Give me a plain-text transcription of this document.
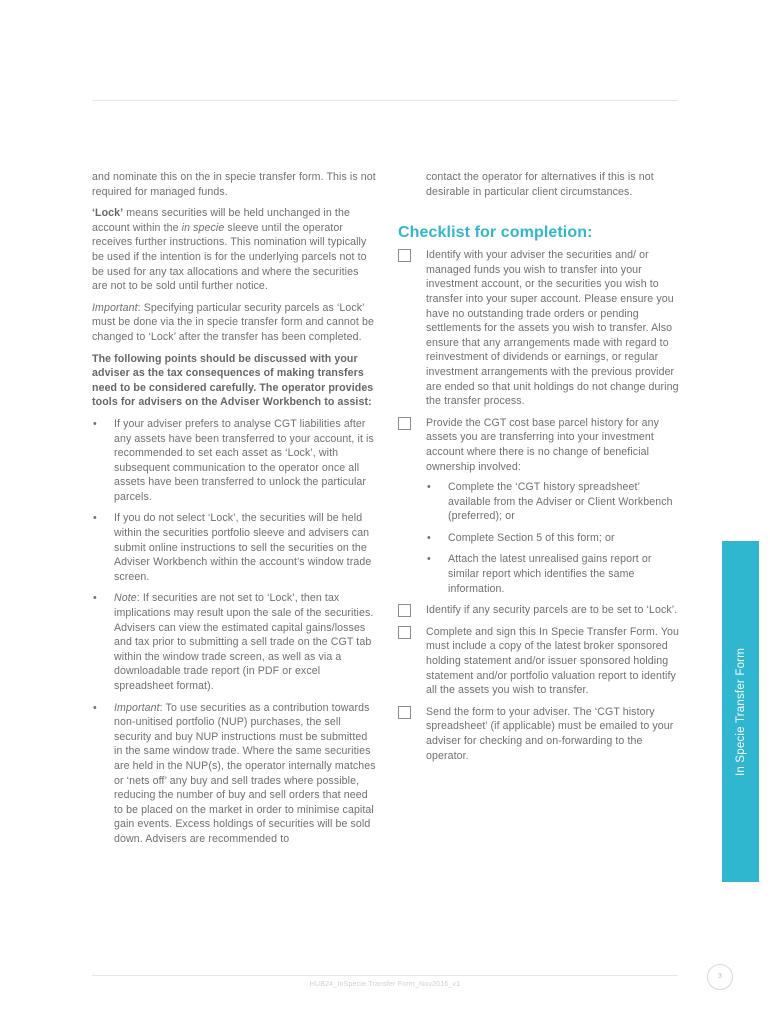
and nominate this on the in specie transfer form. This is not required for managed funds.

‘Lock’ means securities will be held unchanged in the account within the in specie sleeve until the operator receives further instructions. This nomination will typically be used if the intention is for the underlying parcels not to be used for any tax allocations and where the securities are not to be sold until further notice.

Important: Specifying particular security parcels as ‘Lock’ must be done via the in specie transfer form and cannot be changed to ‘Lock’ after the transfer has been completed.

The following points should be discussed with your adviser as the tax consequences of making transfers need to be considered carefully. The operator provides tools for advisers on the Adviser Workbench to assist:

• If your adviser prefers to analyse CGT liabilities after any assets have been transferred to your account, it is recommended to set each asset as ‘Lock’, with subsequent communication to the operator once all assets have been transferred to unlock the particular parcels.
• If you do not select ‘Lock’, the securities will be held within the securities portfolio sleeve and advisers can submit online instructions to sell the securities on the Adviser Workbench within the account’s window trade screen.
• Note: If securities are not set to ‘Lock’, then tax implications may result upon the sale of the securities. Advisers can view the estimated capital gains/losses and tax prior to submitting a sell trade on the CGT tab within the window trade screen, as well as via a downloadable trade report (in PDF or excel spreadsheet format).
• Important: To use securities as a contribution towards non-unitised portfolio (NUP) purchases, the sell security and buy NUP instructions must be submitted in the same window trade. Where the same securities are held in the NUP(s), the operator internally matches or ‘nets off’ any buy and sell trades where possible, reducing the number of buy and sell orders that need to be placed on the market in order to minimise capital gain events. Excess holdings of securities will be sold down. Advisers are recommended to

contact the operator for alternatives if this is not desirable in particular client circumstances.

Checklist for completion:
Identify with your adviser the securities and/ or managed funds you wish to transfer into your investment account, or the securities you wish to transfer into your super account. Please ensure you have no outstanding trade orders or pending settlements for the assets you wish to transfer. Also ensure that any arrangements made with regard to reinvestment of dividends or earnings, or regular investment arrangements with the previous provider are ended so that unit holdings do not change during the transfer process.
Provide the CGT cost base parcel history for any assets you are transferring into your investment account where there is no change of beneficial ownership involved:
• Complete the ‘CGT history spreadsheet’ available from the Adviser or Client Workbench (preferred); or
• Complete Section 5 of this form; or
• Attach the latest unrealised gains report or similar report which identifies the same information.
Identify if any security parcels are to be set to ‘Lock’.
Complete and sign this In Specie Transfer Form. You must include a copy of the latest broker sponsored holding statement and/or issuer sponsored holding statement and/or portfolio valuation report to identify all the assets you wish to transfer.
Send the form to your adviser. The ‘CGT history spreadsheet’ (if applicable) must be emailed to your adviser for checking and on-forwarding to the operator.	In Specie Transfer Form
HUB24_InSpecie Transfer Form_Nov2016_v1
3
